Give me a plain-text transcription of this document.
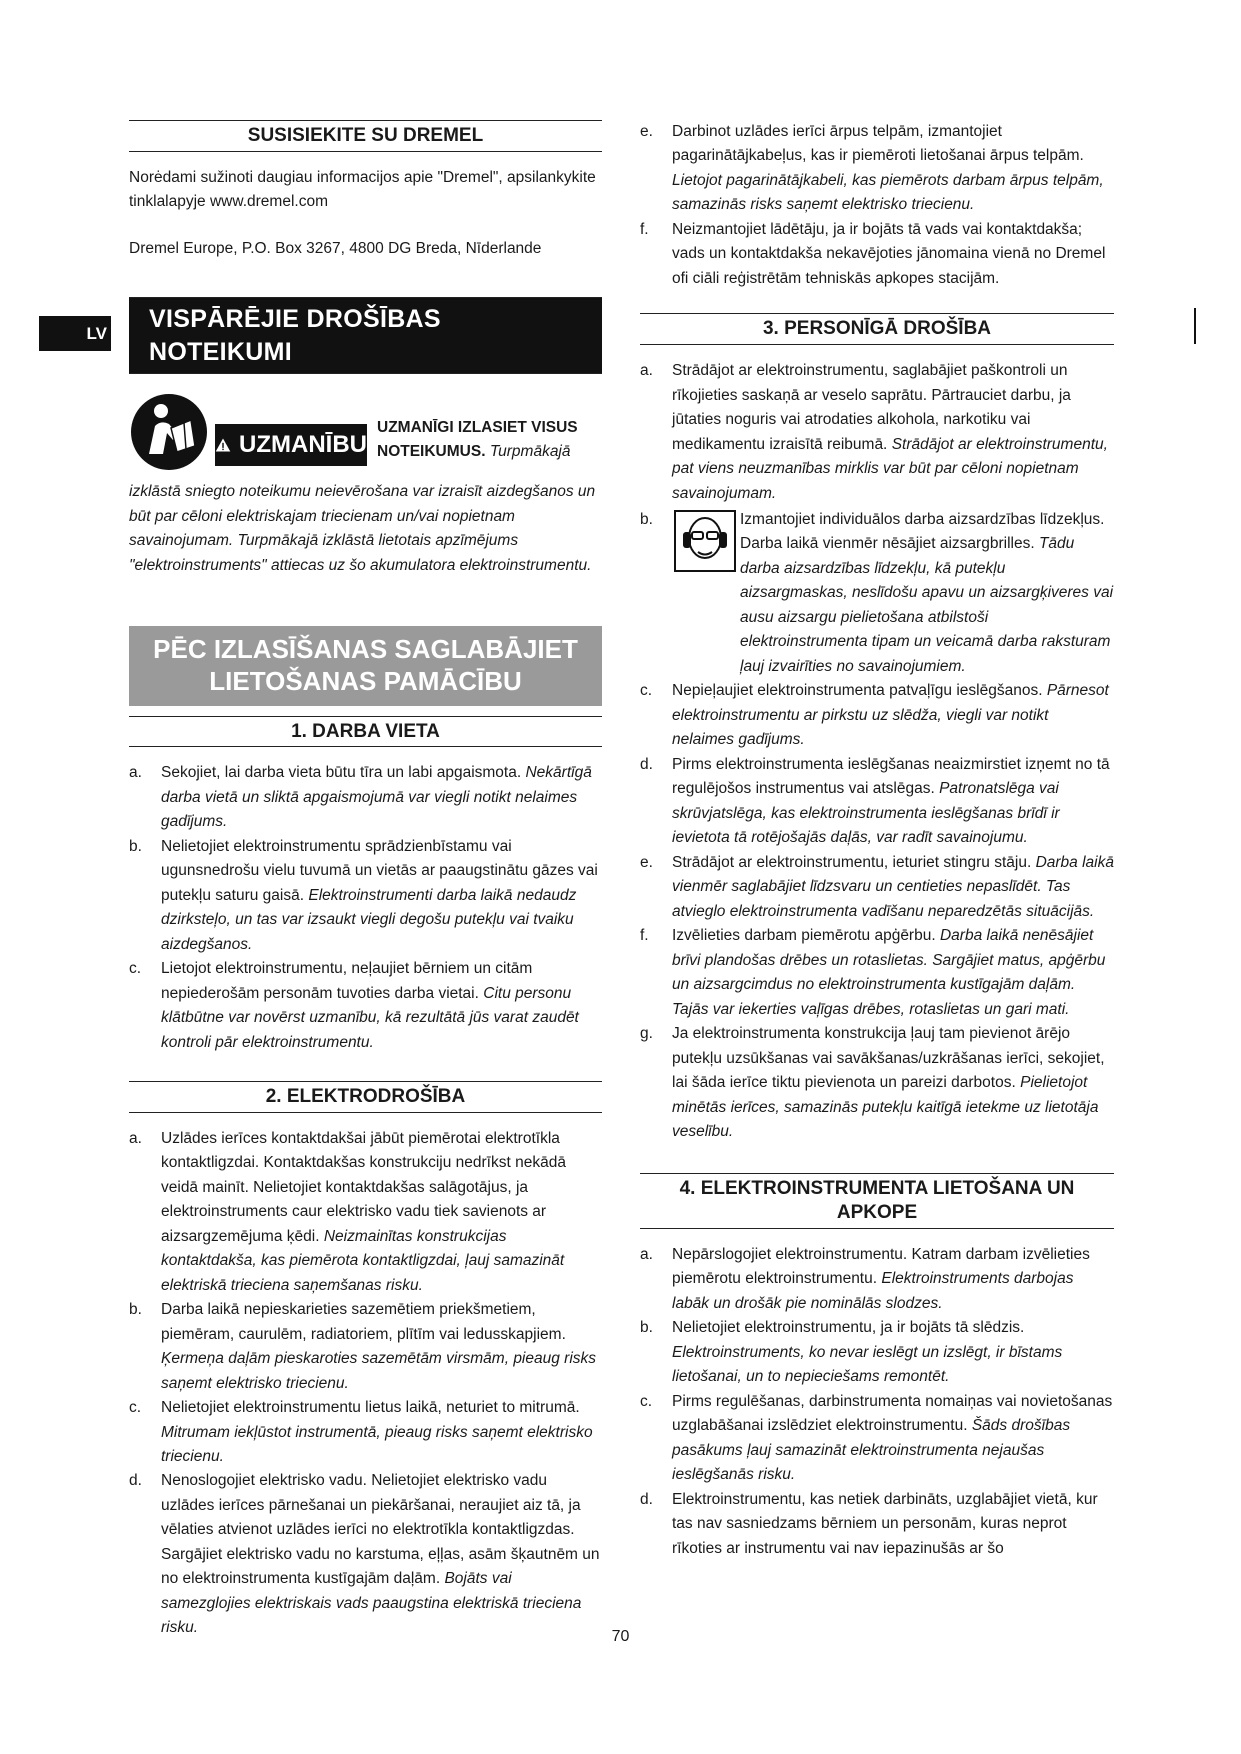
LV
SUSISIEKITE SU DREMEL

Norėdami sužinoti daugiau informacijos apie "Dremel", apsilankykite tinklalapyje www.dremel.com

Dremel Europe, P.O. Box 3267, 4800 DG Breda, Nīderlande

VISPĀRĒJIE DROŠĪBAS NOTEIKUMI
UZMANĪBU
UZMANĪGI IZLASIET VISUS NOTEIKUMUS. Turpmākajā

izklāstā sniegto noteikumu neievērošana var izraisīt aizdegšanos un būt par cēloni elektriskajam triecienam un/vai nopietnam savainojumam. Turpmākajā izklāstā lietotais apzīmējums "elektroinstruments" attiecas uz šo akumulatora elektroinstrumentu.

PĒC IZLASĪŠANAS SAGLABĀJIET LIETOŠANAS PAMĀCĪBU
1. DARBA VIETA
a. Sekojiet, lai darba vieta būtu tīra un labi apgaismota. Nekārtīgā darba vietā un sliktā apgaismojumā var viegli notikt nelaimes gadījums.
b. Nelietojiet elektroinstrumentu sprādzienbīstamu vai ugunsnedrošu vielu tuvumā un vietās ar paaugstinātu gāzes vai putekļu saturu gaisā. Elektroinstrumenti darba laikā nedaudz dzirksteļo, un tas var izsaukt viegli degošu putekļu vai tvaiku aizdegšanos.
c. Lietojot elektroinstrumentu, neļaujiet bērniem un citām nepiederošām personām tuvoties darba vietai. Citu personu klātbūtne var novērst uzmanību, kā rezultātā jūs varat zaudēt kontroli pār elektroinstrumentu.
2. ELEKTRODROŠĪBA
a. Uzlādes ierīces kontaktdakšai jābūt piemērotai elektrotīkla kontaktligzdai. Kontaktdakšas konstrukciju nedrīkst nekādā veidā mainīt. Nelietojiet kontaktdakšas salāgotājus, ja elektroinstruments caur elektrisko vadu tiek savienots ar aizsargzemējuma ķēdi. Neizmainītas konstrukcijas kontaktdakša, kas piemērota kontaktligzdai, ļauj samazināt elektriskā trieciena saņemšanas risku.
b. Darba laikā nepieskarieties sazemētiem priekšmetiem, piemēram, caurulēm, radiatoriem, plītīm vai ledusskapjiem. Ķermeņa daļām pieskaroties sazemētām virsmām, pieaug risks saņemt elektrisko triecienu.
c. Nelietojiet elektroinstrumentu lietus laikā, neturiet to mitrumā. Mitrumam iekļūstot instrumentā, pieaug risks saņemt elektrisko triecienu.
d. Nenoslogojiet elektrisko vadu. Nelietojiet elektrisko vadu uzlādes ierīces pārnešanai un piekāršanai, neraujiet aiz tā, ja vēlaties atvienot uzlādes ierīci no elektrotīkla kontaktligzdas. Sargājiet elektrisko vadu no karstuma, eļļas, asām šķautnēm un no elektroinstrumenta kustīgajām daļām. Bojāts vai samezglojies elektriskais vads paaugstina elektriskā trieciena risku.
e. Darbinot uzlādes ierīci ārpus telpām, izmantojiet pagarinātājkabeļus, kas ir piemēroti lietošanai ārpus telpām. Lietojot pagarinātājkabeli, kas piemērots darbam ārpus telpām, samazinās risks saņemt elektrisko triecienu.
f. Neizmantojiet lādētāju, ja ir bojāts tā vads vai kontaktdakša; vads un kontaktdakša nekavējoties jānomaina vienā no Dremel ofi ciāli reģistrētām tehniskās apkopes stacijām.
3. PERSONĪGĀ DROŠĪBA
a. Strādājot ar elektroinstrumentu, saglabājiet paškontroli un rīkojieties saskaņā ar veselo saprātu. Pārtrauciet darbu, ja jūtaties noguris vai atrodaties alkohola, narkotiku vai medikamentu izraisītā reibumā. Strādājot ar elektroinstrumentu, pat viens neuzmanības mirklis var būt par cēloni nopietnam savainojumam.
b.	Izmantojiet individuālos darba aizsardzības līdzekļus. Darba laikā vienmēr nēsājiet aizsargbrilles. Tādu darba aizsardzības līdzekļu, kā putekļu aizsargmaskas, neslīdošu apavu un aizsargķiveres vai ausu aizsargu pielietošana atbilstoši elektroinstrumenta tipam un veicamā darba raksturam ļauj izvairīties no savainojumiem.
c. Nepieļaujiet elektroinstrumenta patvaļīgu ieslēgšanos. Pārnesot elektroinstrumentu ar pirkstu uz slēdža, viegli var notikt nelaimes gadījums.
d. Pirms elektroinstrumenta ieslēgšanas neaizmirstiet izņemt no tā regulējošos instrumentus vai atslēgas. Patronatslēga vai skrūvjatslēga, kas elektroinstrumenta ieslēgšanas brīdī ir ievietota tā rotējošajās daļās, var radīt savainojumu.
e. Strādājot ar elektroinstrumentu, ieturiet stingru stāju. Darba laikā vienmēr saglabājiet līdzsvaru un centieties nepaslīdēt. Tas atvieglo elektroinstrumenta vadīšanu neparedzētās situācijās.
f. Izvēlieties darbam piemērotu apģērbu. Darba laikā nenēsājiet brīvi plandošas drēbes un rotaslietas. Sargājiet matus, apģērbu un aizsargcimdus no elektroinstrumenta kustīgajām daļām. Tajās var iekerties vaļīgas drēbes, rotaslietas un gari mati.
g. Ja elektroinstrumenta konstrukcija ļauj tam pievienot ārējo putekļu uzsūkšanas vai savākšanas/uzkrāšanas ierīci, sekojiet, lai šāda ierīce tiktu pievienota un pareizi darbotos. Pielietojot minētās ierīces, samazinās putekļu kaitīgā ietekme uz lietotāja veselību.
4. ELEKTROINSTRUMENTA LIETOŠANA UN APKOPE
a. Nepārslogojiet elektroinstrumentu. Katram darbam izvēlieties piemērotu elektroinstrumentu. Elektroinstruments darbojas labāk un drošāk pie nominālās slodzes.
b. Nelietojiet elektroinstrumentu, ja ir bojāts tā slēdzis. Elektroinstruments, ko nevar ieslēgt un izslēgt, ir bīstams lietošanai, un to nepieciešams remontēt.
c. Pirms regulēšanas, darbinstrumenta nomaiņas vai novietošanas uzglabāšanai izslēdziet elektroinstrumentu. Šāds drošības pasākums ļauj samazināt elektroinstrumenta nejaušas ieslēgšanās risku.
d. Elektroinstrumentu, kas netiek darbināts, uzglabājiet vietā, kur tas nav sasniedzams bērniem un personām, kuras neprot rīkoties ar instrumentu vai nav iepazinušās ar šo
70
